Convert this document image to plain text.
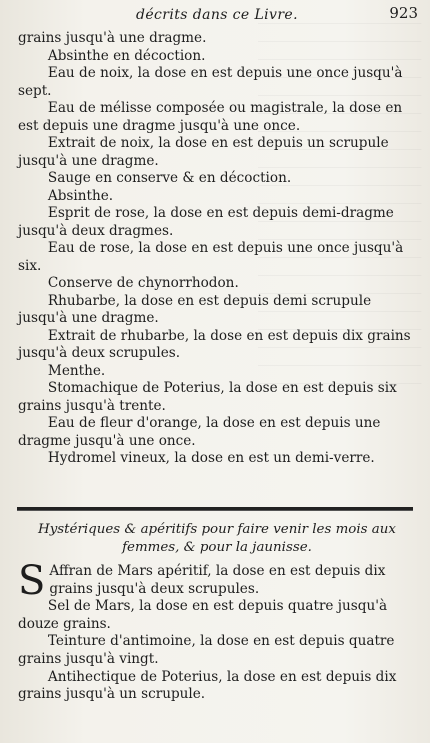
décrits dans ce Livre.	923

grains jusqu'à une dragme.

Absinthe en décoction.

Eau de noix, la dose en est depuis une once jusqu'à sept.

Eau de mélisse composée ou magistrale, la dose en est depuis une dragme jusqu'à une once.

Extrait de noix, la dose en est depuis un scrupule jusqu'à une dragme.

Sauge en conserve & en décoction.

Absinthe.

Esprit de rose, la dose en est depuis demi-dragme jusqu'à deux dragmes.

Eau de rose, la dose en est depuis une once jusqu'à six.

Conserve de chynorrhodon.

Rhubarbe, la dose en est depuis demi scrupule jusqu'à une dragme.

Extrait de rhubarbe, la dose en est depuis dix grains jusqu'à deux scrupules.

Menthe.

Stomachique de Poterius, la dose en est depuis six grains jusqu'à trente.

Eau de fleur d'orange, la dose en est depuis une dragme jusqu'à une once.

Hydromel vineux, la dose en est un demi-verre.

Hystériques & apéritifs pour faire venir les mois aux
femmes, & pour la jaunisse.

S Affran de Mars apéritif, la dose en est depuis dix grains jusqu'à deux scrupules.

Sel de Mars, la dose en est depuis quatre jusqu'à douze grains.

Teinture d'antimoine, la dose en est depuis quatre grains jusqu'à vingt.

Antihectique de Poterius, la dose en est depuis dix grains jusqu'à un scrupule.
